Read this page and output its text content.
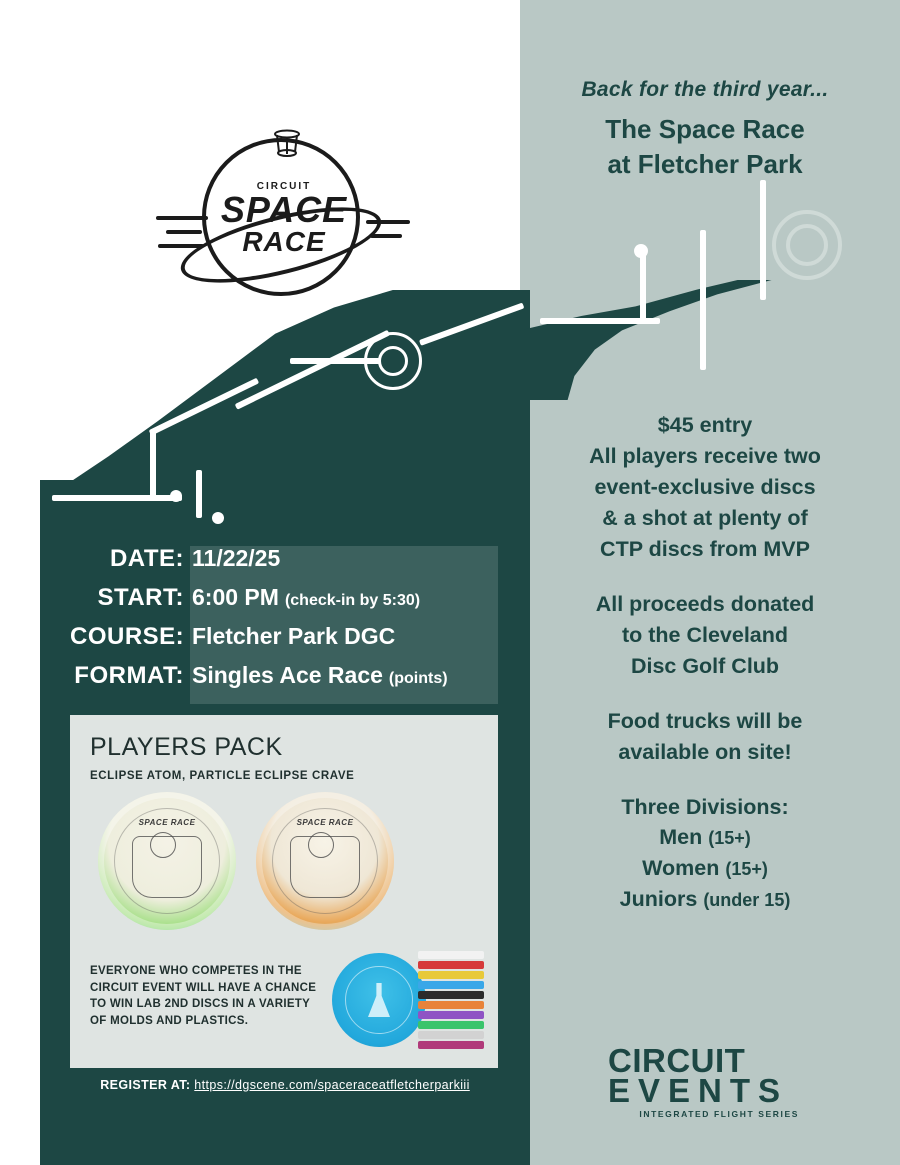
CIRCUIT
SPACE
RACE
Back for the third year...
The Space Race
at Fletcher Park
DATE: 11/22/25
START: 6:00 PM (check-in by 5:30)
COURSE: Fletcher Park DGC
FORMAT: Singles Ace Race (points)
PLAYERS PACK
ECLIPSE ATOM, PARTICLE ECLIPSE CRAVE
SPACE RACE	SPACE RACE
EVERYONE WHO COMPETES IN THE CIRCUIT EVENT WILL HAVE A CHANCE TO WIN LAB 2ND DISCS IN A VARIETY OF MOLDS AND PLASTICS.
REGISTER AT: https://dgscene.com/spaceraceatfletcherparkiii

$45 entry
All players receive two
event-exclusive discs
& a shot at plenty of
CTP discs from MVP

All proceeds donated
to the Cleveland
Disc Golf Club

Food trucks will be
available on site!

Three Divisions:
Men (15+)
Women (15+)
Juniors (under 15)

CIRCUIT
EVENTS
INTEGRATED FLIGHT SERIES
